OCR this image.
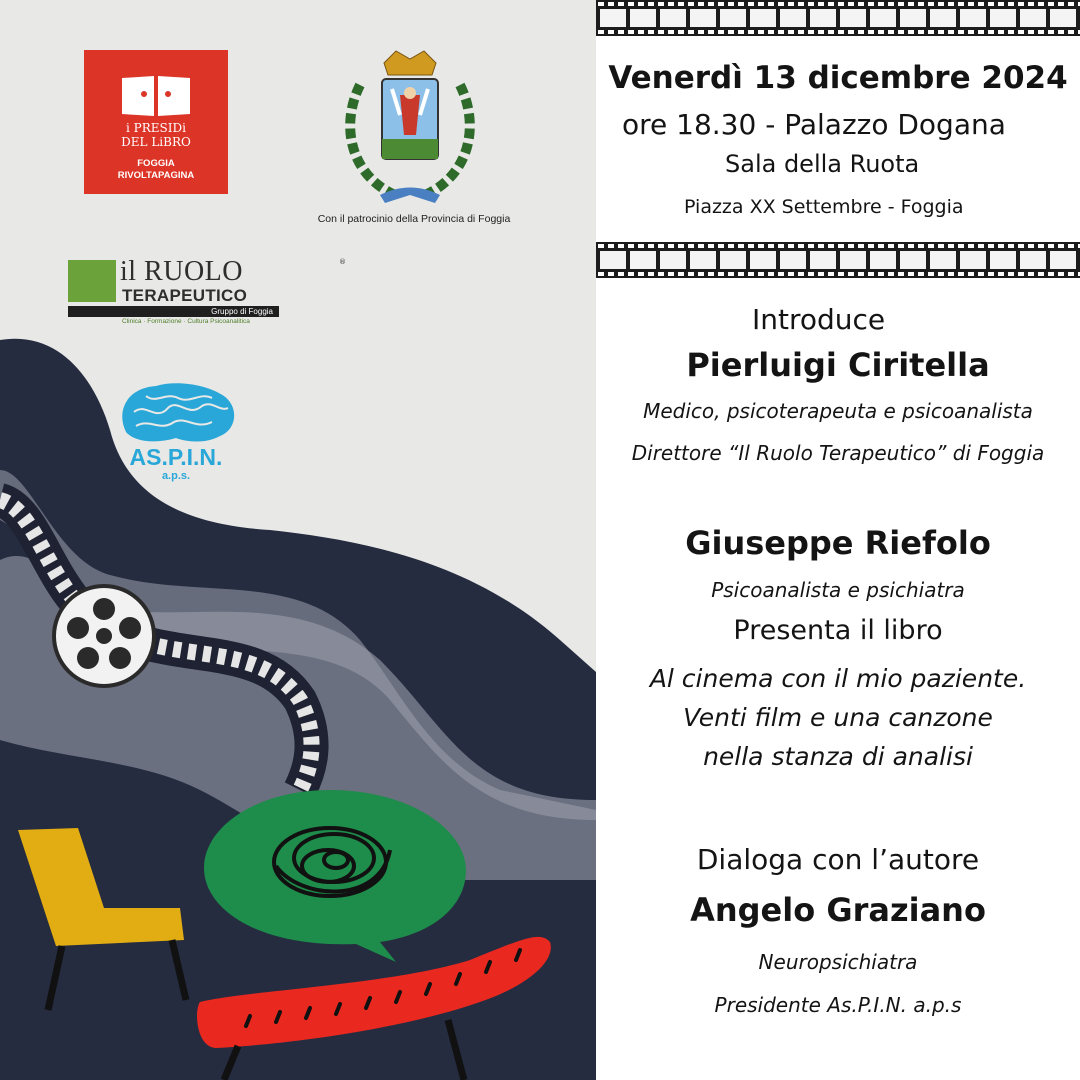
i PRESIDi
DEL LiBRO
FOGGIA
RIVOLTAPAGINA
Con il patrocinio della Provincia di Foggia
il RUOLO	®
TERAPEUTICO
Gruppo di Foggia
Clinica · Formazione · Cultura Psicoanalitica
AS.P.I.N.
a.p.s.
Venerdì 13 dicembre 2024
ore 18.30 - Palazzo Dogana
Sala della Ruota
Piazza XX Settembre - Foggia
Introduce
Pierluigi Ciritella
Medico, psicoterapeuta e psicoanalista
Direttore “Il Ruolo Terapeutico” di Foggia
Giuseppe Riefolo
Psicoanalista e psichiatra
Presenta il libro
Al cinema con il mio paziente.
Venti film e una canzone
nella stanza di analisi
Dialoga con l’autore
Angelo Graziano
Neuropsichiatra
Presidente As.P.I.N. a.p.s
